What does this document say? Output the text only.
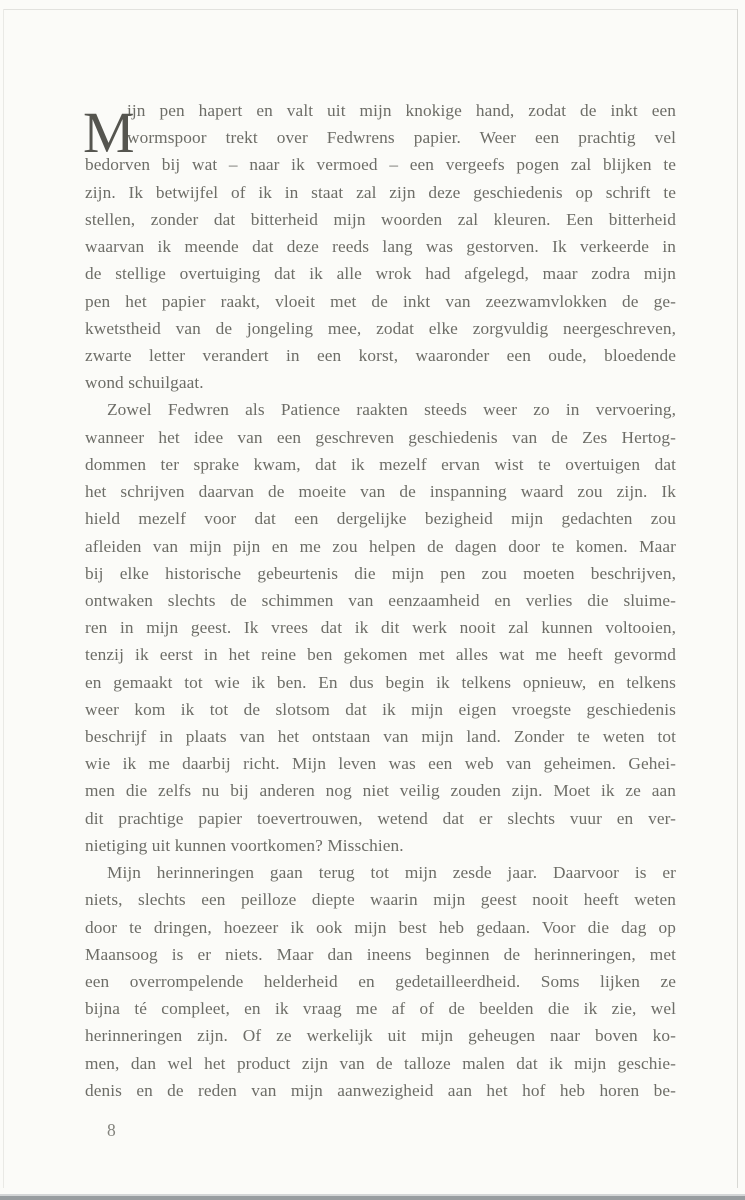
M
ijn pen hapert en valt uit mijn knokige hand, zodat de inkt een
wormspoor trekt over Fedwrens papier. Weer een prachtig vel
bedorven bij wat – naar ik vermoed – een vergeefs pogen zal blijken te
zijn. Ik betwijfel of ik in staat zal zijn deze geschiedenis op schrift te
stellen, zonder dat bitterheid mijn woorden zal kleuren. Een bitterheid
waarvan ik meende dat deze reeds lang was gestorven. Ik verkeerde in
de stellige overtuiging dat ik alle wrok had afgelegd, maar zodra mijn
pen het papier raakt, vloeit met de inkt van zeezwamvlokken de ge-
kwetstheid van de jongeling mee, zodat elke zorgvuldig neergeschreven,
zwarte letter verandert in een korst, waaronder een oude, bloedende
wond schuilgaat.
Zowel Fedwren als Patience raakten steeds weer zo in vervoering,
wanneer het idee van een geschreven geschiedenis van de Zes Hertog-
dommen ter sprake kwam, dat ik mezelf ervan wist te overtuigen dat
het schrijven daarvan de moeite van de inspanning waard zou zijn. Ik
hield mezelf voor dat een dergelijke bezigheid mijn gedachten zou
afleiden van mijn pijn en me zou helpen de dagen door te komen. Maar
bij elke historische gebeurtenis die mijn pen zou moeten beschrijven,
ontwaken slechts de schimmen van eenzaamheid en verlies die sluime-
ren in mijn geest. Ik vrees dat ik dit werk nooit zal kunnen voltooien,
tenzij ik eerst in het reine ben gekomen met alles wat me heeft gevormd
en gemaakt tot wie ik ben. En dus begin ik telkens opnieuw, en telkens
weer kom ik tot de slotsom dat ik mijn eigen vroegste geschiedenis
beschrijf in plaats van het ontstaan van mijn land. Zonder te weten tot
wie ik me daarbij richt. Mijn leven was een web van geheimen. Gehei-
men die zelfs nu bij anderen nog niet veilig zouden zijn. Moet ik ze aan
dit prachtige papier toevertrouwen, wetend dat er slechts vuur en ver-
nietiging uit kunnen voortkomen? Misschien.
Mijn herinneringen gaan terug tot mijn zesde jaar. Daarvoor is er
niets, slechts een peilloze diepte waarin mijn geest nooit heeft weten
door te dringen, hoezeer ik ook mijn best heb gedaan. Voor die dag op
Maansoog is er niets. Maar dan ineens beginnen de herinneringen, met
een overrompelende helderheid en gedetailleerdheid. Soms lijken ze
bijna té compleet, en ik vraag me af of de beelden die ik zie, wel
herinneringen zijn. Of ze werkelijk uit mijn geheugen naar boven ko-
men, dan wel het product zijn van de talloze malen dat ik mijn geschie-
denis en de reden van mijn aanwezigheid aan het hof heb horen be-
8
